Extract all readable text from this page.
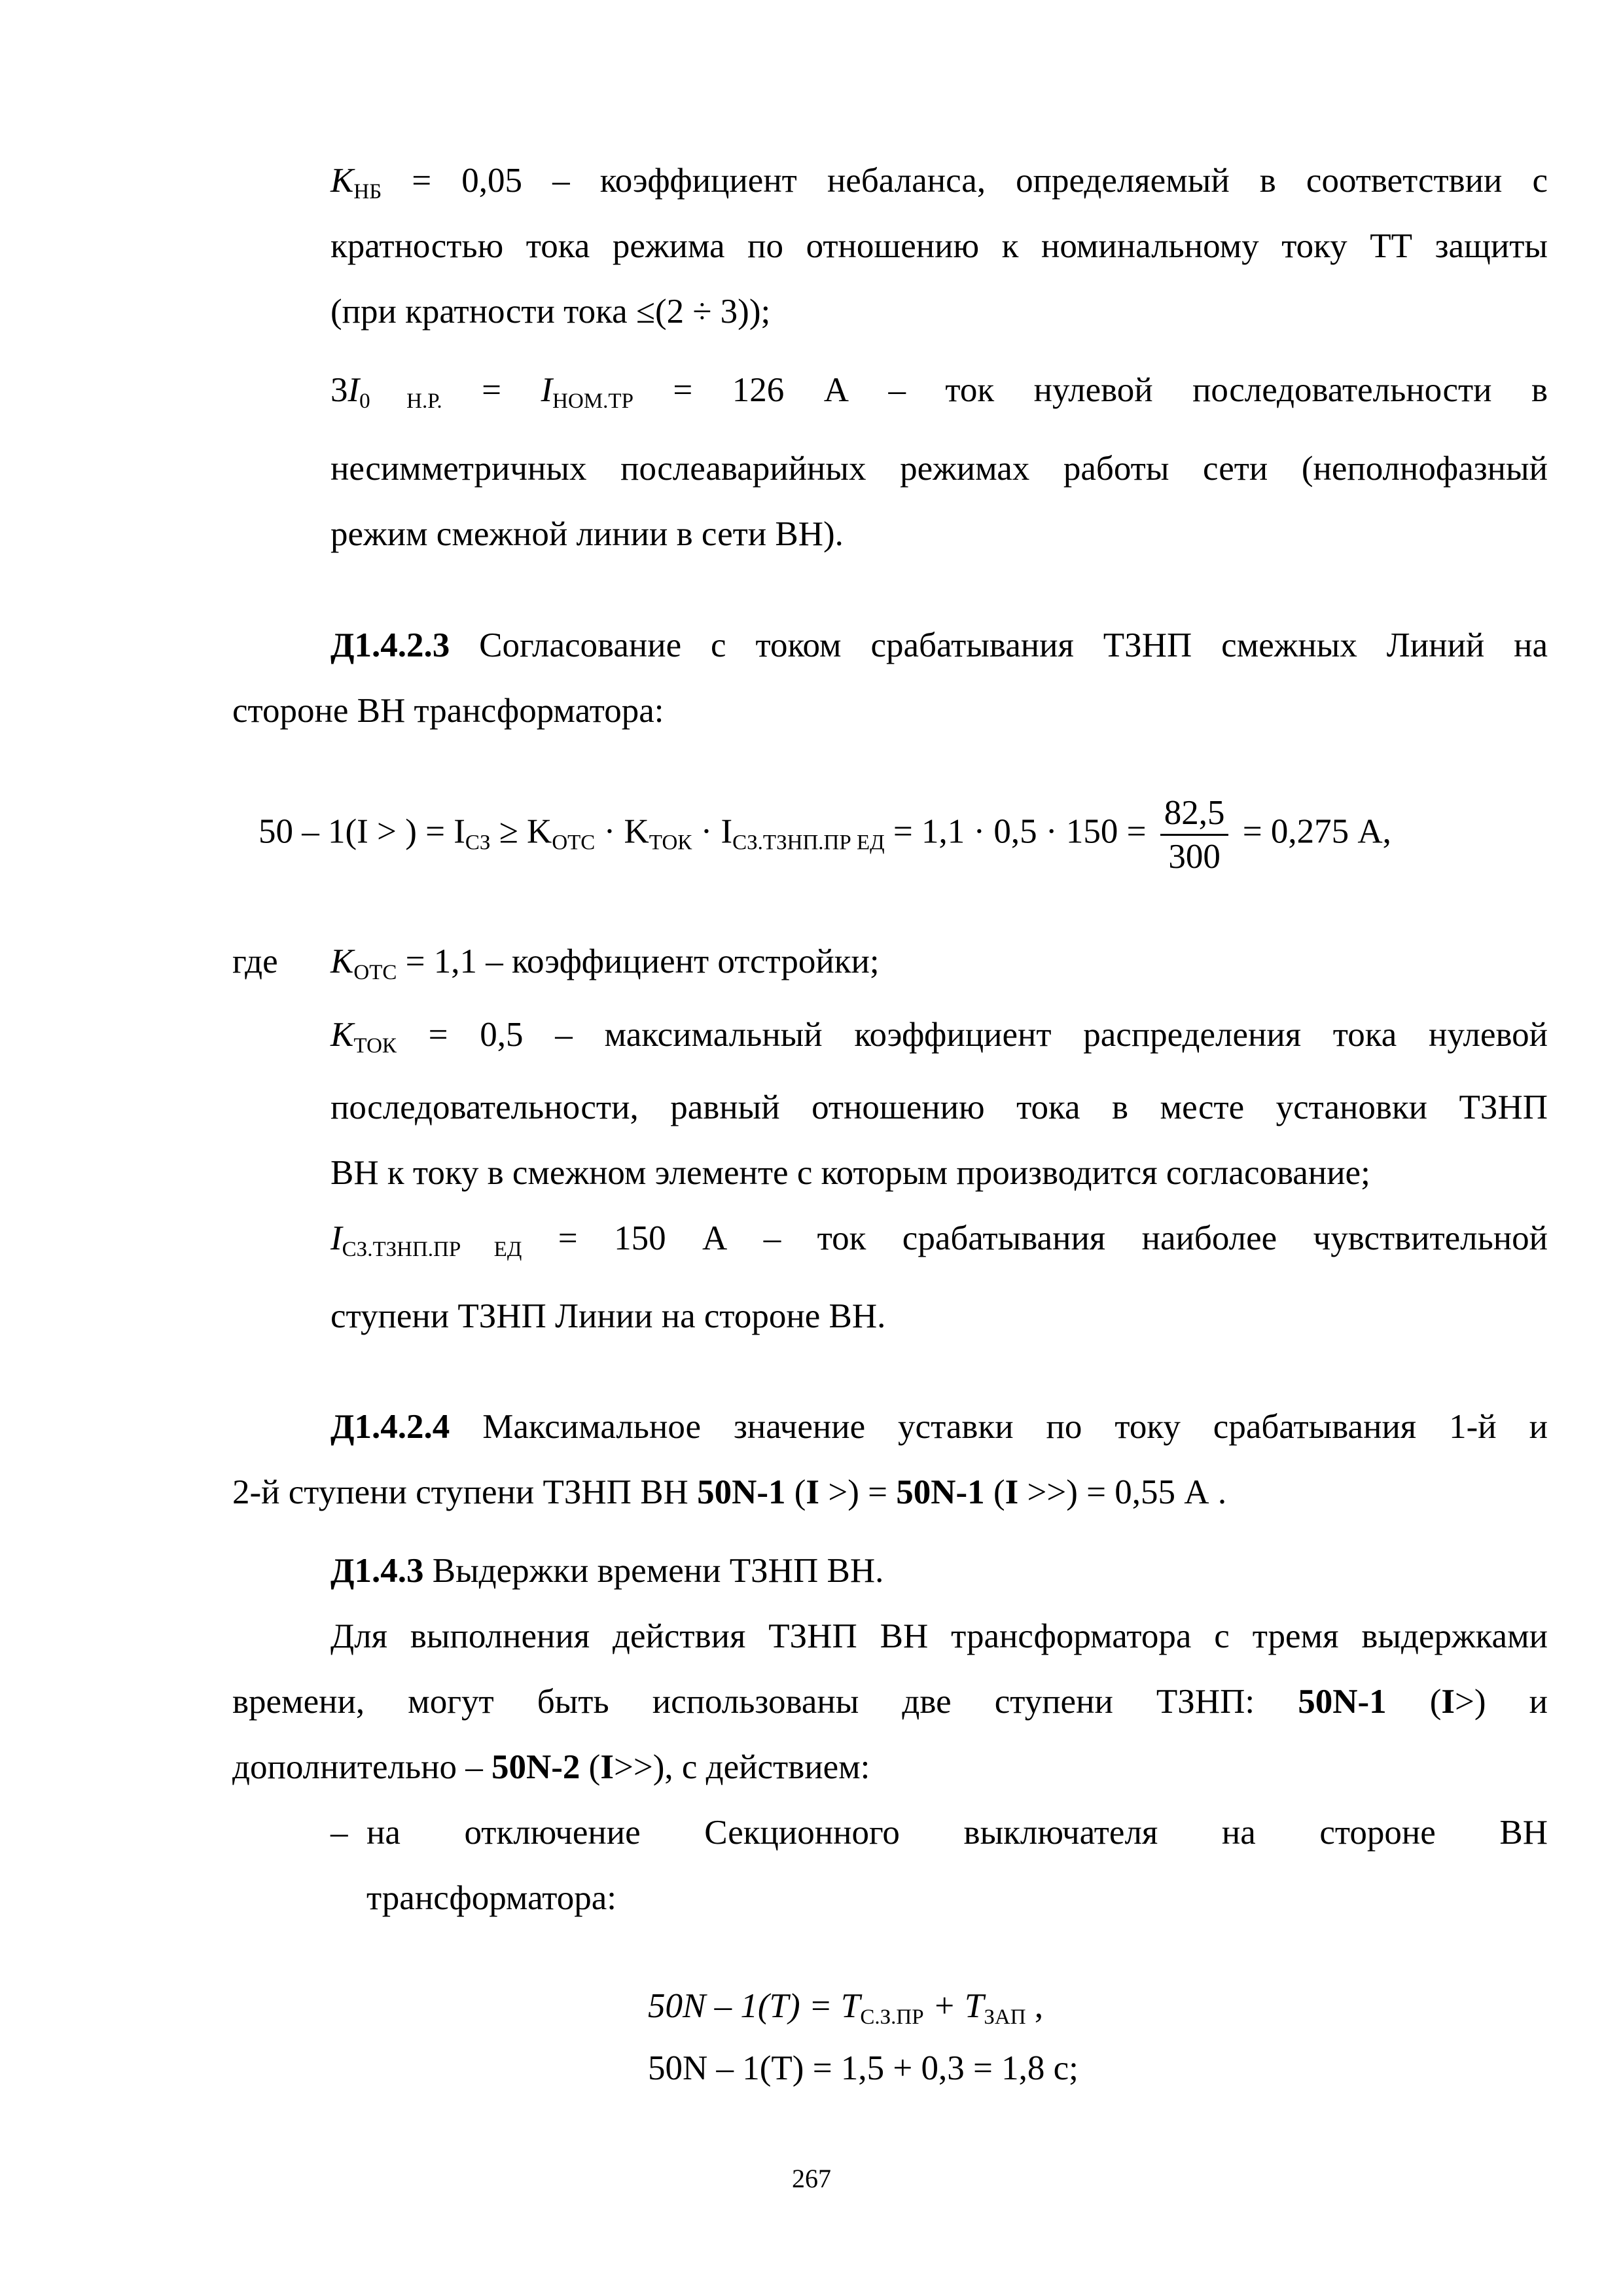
$K_{НБ} = 0,05$ – коэффициент небаланса, определяемый в соответствии с
кратностью тока режима по отношению к номинальному току ТТ защиты
(при кратности тока ≤(2 ÷ 3));
$3I_{0 Н.Р.} = I_{НОМ.ТР} = 126$ А – ток нулевой последовательности в
несимметричных послеаварийных режимах работы сети (неполнофазный
режим смежной линии в сети ВН).
Д1.4.2.3 Согласование с током срабатывания ТЗНП смежных Линий на
стороне ВН трансформатора:
50 – 1(I > ) = $I_{СЗ} \ge K_{ОТС} \cdot K_{ТОК} \cdot I_{СЗ.ТЗНП.ПР ЕД} = 1,1 \cdot 0,5 \cdot 150 = \frac{82,5}{300} = 0,275$ А,
где $K_{ОТС} = 1,1$ – коэффициент отстройки;
$K_{ТОК} = 0,5$ – максимальный коэффициент распределения тока нулевой
последовательности, равный отношению тока в месте установки ТЗНП
ВН к току в смежном элементе с которым производится согласование;
$I_{СЗ.ТЗНП.ПР ЕД} = 150$ А – ток срабатывания наиболее чувствительной
ступени ТЗНП Линии на стороне ВН.
Д1.4.2.4 Максимальное значение уставки по току срабатывания 1-й и
2-й ступени ступени ТЗНП ВН 50N-1 (I >) = 50N-1 (I >>) = 0,55 А .
Д1.4.3 Выдержки времени ТЗНП ВН.
Для выполнения действия ТЗНП ВН трансформатора с тремя выдержками
времени, могут быть использованы две ступени ТЗНП: 50N-1 (I>) и
дополнительно – 50N-2 (I>>), с действием:
– на отключение Секционного выключателя на стороне ВН
трансформатора:
$50N - 1(T) = T_{С.З.ПР} + T_{ЗАП}$ ,
50N – 1(T) = 1,5 + 0,3 = 1,8 с;
267
